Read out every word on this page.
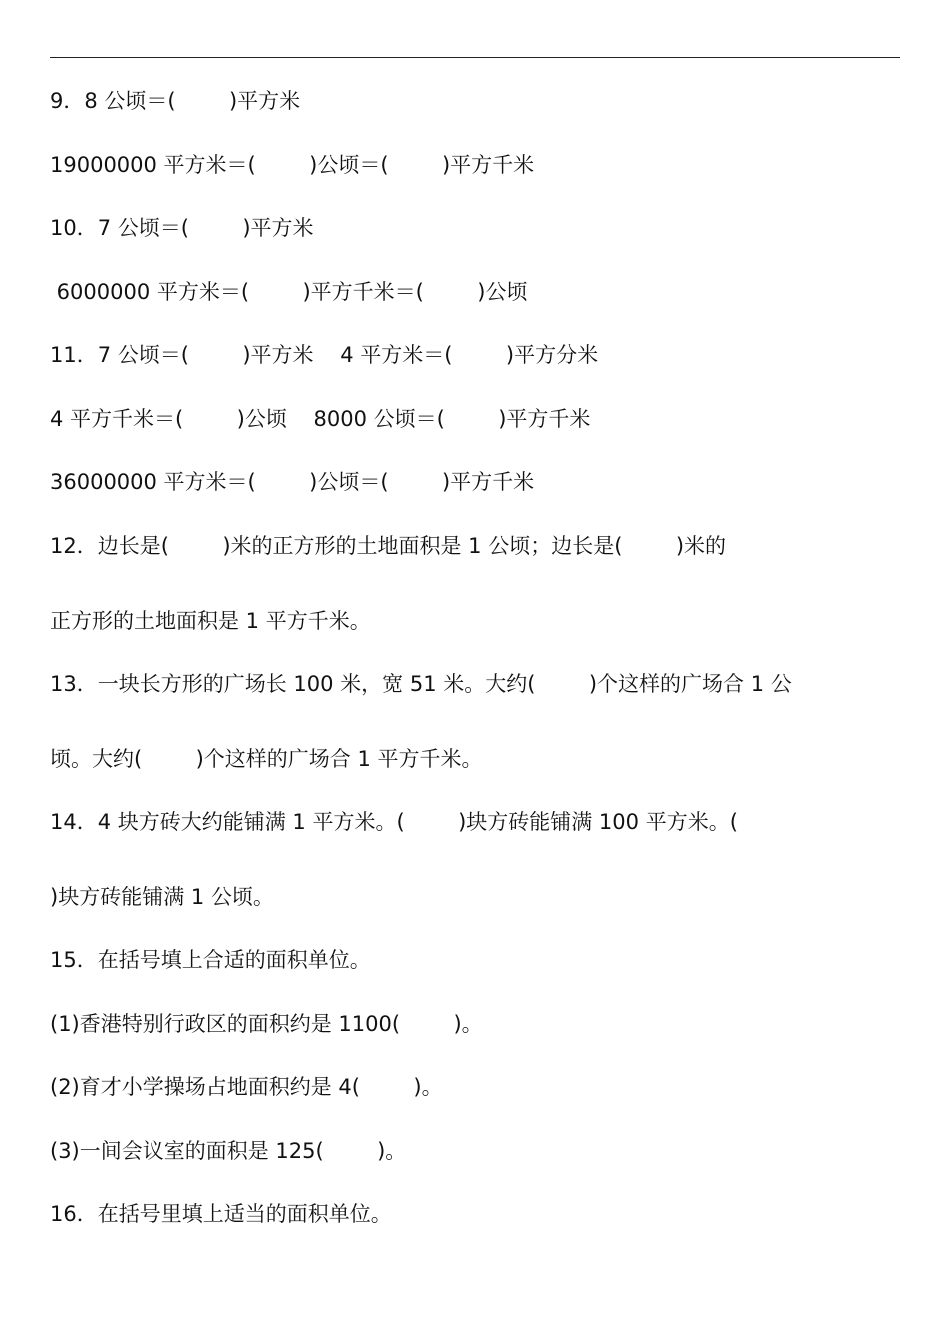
9．8 公顷＝(        )平方米
19000000 平方米＝(        )公顷＝(        )平方千米
10．7 公顷＝(        )平方米
6000000 平方米＝(        )平方千米＝(        )公顷
11．7 公顷＝(        )平方米    4 平方米＝(        )平方分米
4 平方千米＝(        )公顷    8000 公顷＝(        )平方千米
36000000 平方米＝(        )公顷＝(        )平方千米
12．边长是(        )米的正方形的土地面积是 1 公顷；边长是(        )米的
正方形的土地面积是 1 平方千米。
13．一块长方形的广场长 100 米，宽 51 米。大约(        )个这样的广场合 1 公
顷。大约(        )个这样的广场合 1 平方千米。
14．4 块方砖大约能铺满 1 平方米。(        )块方砖能铺满 100 平方米。(
)块方砖能铺满 1 公顷。
15．在括号填上合适的面积单位。
(1)香港特别行政区的面积约是 1100(        )。
(2)育才小学操场占地面积约是 4(        )。
(3)一间会议室的面积是 125(        )。
16．在括号里填上适当的面积单位。
